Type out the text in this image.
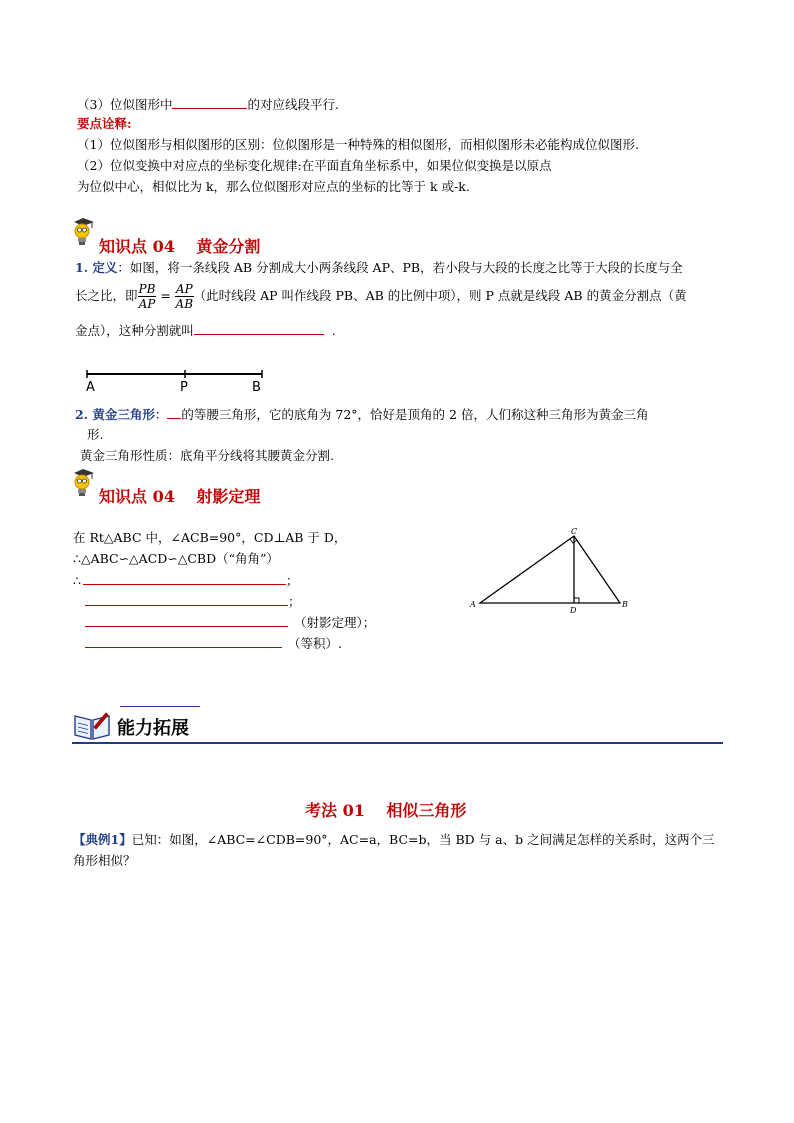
（3）位似图形中	的对应线段平行.
要点诠释:
（1）位似图形与相似图形的区别：位似图形是一种特殊的相似图形，而相似图形未必能构成位似图形.
（2）位似变换中对应点的坐标变化规律:在平面直角坐标系中，如果位似变换是以原点
为位似中心，相似比为 k，那么位似图形对应点的坐标的比等于 k 或-k.
知识点 04　 黄金分割
1. 定义：如图，将一条线段 AB 分割成大小两条线段 AP、PB，若小段与大段的长度之比等于大段的长度与全
长之比，即 $\frac{PB}{AP} = \frac{AP}{AB}$ （此时线段 AP 叫作线段 PB、AB 的比例中项），则 P 点就是线段 AB 的黄金分割点（黄
金点），这种分割就叫	.
A	P	B
2. 黄金三角形： 的等腰三角形，它的底角为 72°，恰好是顶角的 2 倍，人们称这种三角形为黄金三角
形.
黄金三角形性质：底角平分线将其腰黄金分割.
知识点 04　 射影定理
在 Rt△ABC 中，∠ACB=90°，CD⊥AB 于 D，
∴△ABC∽△ACD∽△CBD（“角角”）
∴	；
；
（射影定理）；
（等积）.
C
A
D
B
能力拓展
考法 01　 相似三角形
【典例1】已知：如图，∠ABC=∠CDB=90°，AC=a，BC=b，当 BD 与 a、b 之间满足怎样的关系时，这两个三
角形相似？
